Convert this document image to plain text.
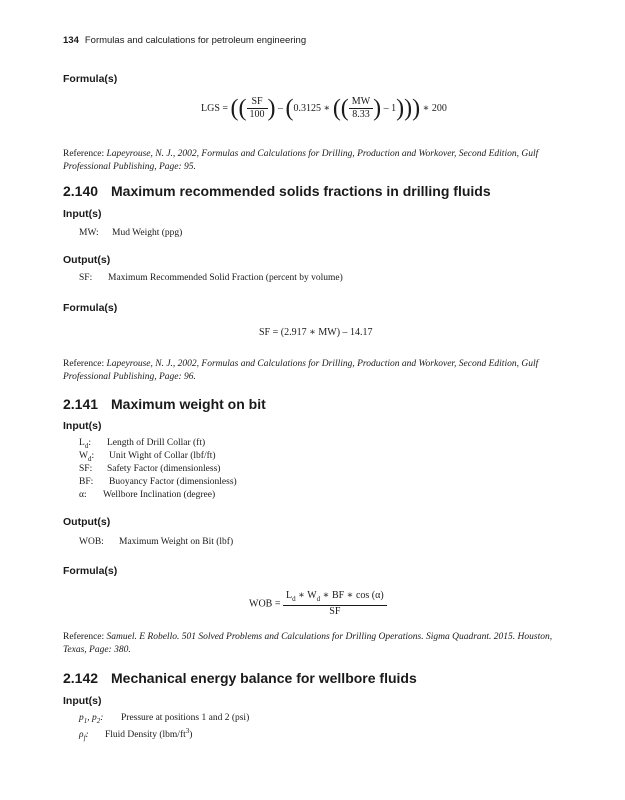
134 Formulas and calculations for petroleum engineering
Formula(s)
LGS = (( $\frac{SF}{100}$ ) – (0.3125 ∗ (( $\frac{MW}{8.33}$ ) – 1))) ∗ 200
Reference: Lapeyrouse, N. J., 2002, Formulas and Calculations for Drilling, Production and Workover, Second Edition, Gulf Professional Publishing, Page: 95.
2.140 Maximum recommended solids fractions in drilling fluids
Input(s)
MW: Mud Weight (ppg)
Output(s)
SF: Maximum Recommended Solid Fraction (percent by volume)
Formula(s)
SF = (2.917 ∗ MW) – 14.17
Reference: Lapeyrouse, N. J., 2002, Formulas and Calculations for Drilling, Production and Workover, Second Edition, Gulf Professional Publishing, Page: 96.
2.141 Maximum weight on bit
Input(s)
$L_d$: Length of Drill Collar (ft)
$W_d$: Unit Wight of Collar (lbf/ft)
SF: Safety Factor (dimensionless)
BF: Buoyancy Factor (dimensionless)
α: Wellbore Inclination (degree)
Output(s)
WOB: Maximum Weight on Bit (lbf)
Formula(s)
WOB = $\frac{L_d ∗ W_d ∗ BF ∗ \cos (\alpha)}{SF}$
Reference: Samuel. E Robello. 501 Solved Problems and Calculations for Drilling Operations. Sigma Quadrant. 2015. Houston, Texas, Page: 380.
2.142 Mechanical energy balance for wellbore fluids
Input(s)
$p_1$, $p_2$: Pressure at positions 1 and 2 (psi)
$\rho_f$: Fluid Density $(lbm/ft^3)$
